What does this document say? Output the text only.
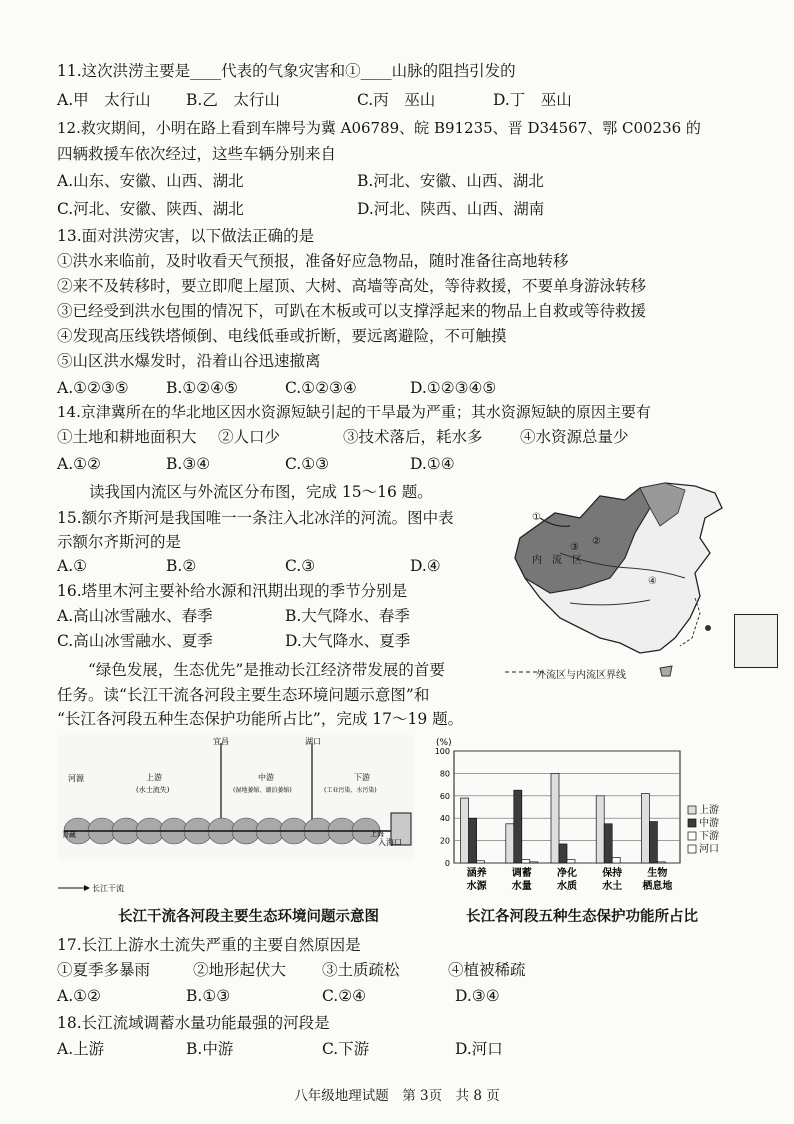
11.这次洪涝主要是____代表的气象灾害和①____山脉的阻挡引发的
A.甲　太行山 B.乙　太行山	C.丙　巫山	D.丁　巫山
12.救灾期间，小明在路上看到车牌号为冀 A06789、皖 B91235、晋 D34567、鄂 C00236 的
四辆救援车依次经过，这些车辆分别来自
A.山东、安徽、山西、湖北	B.河北、安徽、山西、湖北
C.河北、安徽、陕西、湖北	D.河北、陕西、山西、湖南
13.面对洪涝灾害，以下做法正确的是
①洪水来临前，及时收看天气预报，准备好应急物品，随时准备往高地转移
②来不及转移时，要立即爬上屋顶、大树、高墙等高处，等待救援，不要单身游泳转移
③已经受到洪水包围的情况下，可趴在木板或可以支撑浮起来的物品上自救或等待救援
④发现高压线铁塔倾倒、电线低垂或折断，要远离避险，不可触摸
⑤山区洪水爆发时，沿着山谷迅速撤离
A.①②③⑤ B.①②④⑤	C.①②③④	D.①②③④⑤
14.京津冀所在的华北地区因水资源短缺引起的干旱最为严重；其水资源短缺的原因主要有
①土地和耕地面积大 ②人口少	③技术落后，耗水多 ④水资源总量少
A.①②	B.③④	C.①③	D.①④
读我国内流区与外流区分布图，完成 15～16 题。
15.额尔齐斯河是我国唯一一条注入北冰洋的河流。图中表
示额尔齐斯河的是
A.①	B.②	C.③	D.④
16.塔里木河主要补给水源和汛期出现的季节分别是
A.高山冰雪融水、春季	B.大气降水、春季
C.高山冰雪融水、夏季	D.大气降水、夏季
内　流　区
③
②
①
④
外流区与内流区界线
“绿色发展，生态优先”是推动长江经济带发展的首要
任务。读“长江干流各河段主要生态环境问题示意图”和
“长江各河段五种生态保护功能所占比”，完成 17～19 题。
宜昌	湖口
河源	上游
(水土流失)
中游
(湿地萎缩、湖泊萎缩)
下游
(工业污染、水污染)
青藏	上海
入海口
长江干流
长江干流各河段主要生态环境问题示意图
(%)
0
20
40
60
80
100
涵养
水源
调蓄
水量
净化
水质
保持
水土
生物
栖息地
上游
中游
下游
河口
长江各河段五种生态保护功能所占比
17.长江上游水土流失严重的主要自然原因是
①夏季多暴雨	②地形起伏大 ③土质疏松	④植被稀疏
A.①②	B.①③	C.②④	D.③④
18.长江流域调蓄水量功能最强的河段是
A.上游	B.中游	C.下游	D.河口
八年级地理试题　第 3页　共 8 页
